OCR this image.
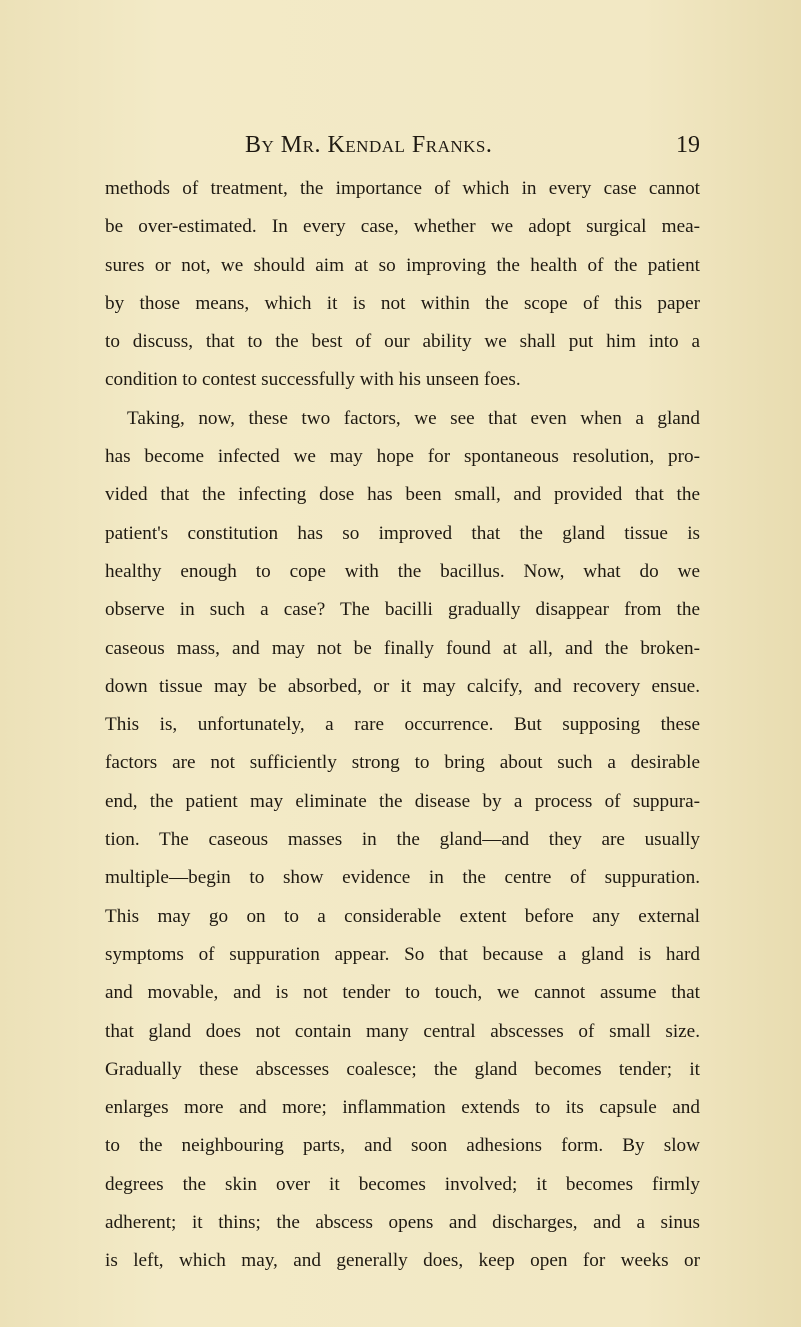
By Mr. Kendal Franks.	19
methods of treatment, the importance of which in every case cannot
be over-estimated. In every case, whether we adopt surgical mea-
sures or not, we should aim at so improving the health of the patient
by those means, which it is not within the scope of this paper
to discuss, that to the best of our ability we shall put him into a
condition to contest successfully with his unseen foes.
Taking, now, these two factors, we see that even when a gland
has become infected we may hope for spontaneous resolution, pro-
vided that the infecting dose has been small, and provided that the
patient's constitution has so improved that the gland tissue is
healthy enough to cope with the bacillus. Now, what do we
observe in such a case? The bacilli gradually disappear from the
caseous mass, and may not be finally found at all, and the broken-
down tissue may be absorbed, or it may calcify, and recovery ensue.
This is, unfortunately, a rare occurrence. But supposing these
factors are not sufficiently strong to bring about such a desirable
end, the patient may eliminate the disease by a process of suppura-
tion. The caseous masses in the gland—and they are usually
multiple—begin to show evidence in the centre of suppuration.
This may go on to a considerable extent before any external
symptoms of suppuration appear. So that because a gland is hard
and movable, and is not tender to touch, we cannot assume that
that gland does not contain many central abscesses of small size.
Gradually these abscesses coalesce; the gland becomes tender; it
enlarges more and more; inflammation extends to its capsule and
to the neighbouring parts, and soon adhesions form. By slow
degrees the skin over it becomes involved; it becomes firmly
adherent; it thins; the abscess opens and discharges, and a sinus
is left, which may, and generally does, keep open for weeks or
